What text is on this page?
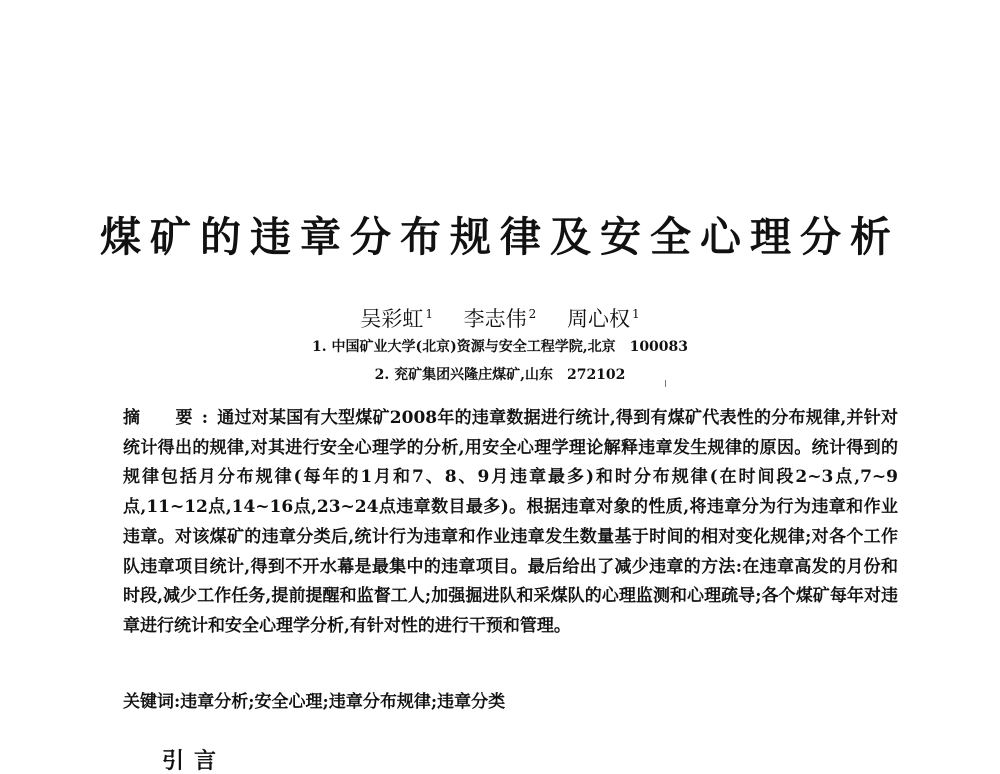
煤矿的违章分布规律及安全心理分析
吴彩虹 $^1$ 李志伟 $^2$ 周心权 $^1$
1. 中国矿业大学(北京)资源与安全工程学院,北京　100083
2. 兖矿集团兴隆庄煤矿,山东　272102
摘　要:通过对某国有大型煤矿2008年的违章数据进行统计,得到有煤矿代表性的分布规律,并针对统计得出的规律,对其进行安全心理学的分析,用安全心理学理论解释违章发生规律的原因。统计得到的规律包括月分布规律(每年的1月和7、8、9月违章最多)和时分布规律(在时间段2~3点,7~9点,11~12点,14~16点,23~24点违章数目最多)。根据违章对象的性质,将违章分为行为违章和作业违章。对该煤矿的违章分类后,统计行为违章和作业违章发生数量基于时间的相对变化规律;对各个工作队违章项目统计,得到不开水幕是最集中的违章项目。最后给出了减少违章的方法:在违章高发的月份和时段,减少工作任务,提前提醒和监督工人;加强掘进队和采煤队的心理监测和心理疏导;各个煤矿每年对违章进行统计和安全心理学分析,有针对性的进行干预和管理。
关键词:违章分析;安全心理;违章分布规律;违章分类
引言
